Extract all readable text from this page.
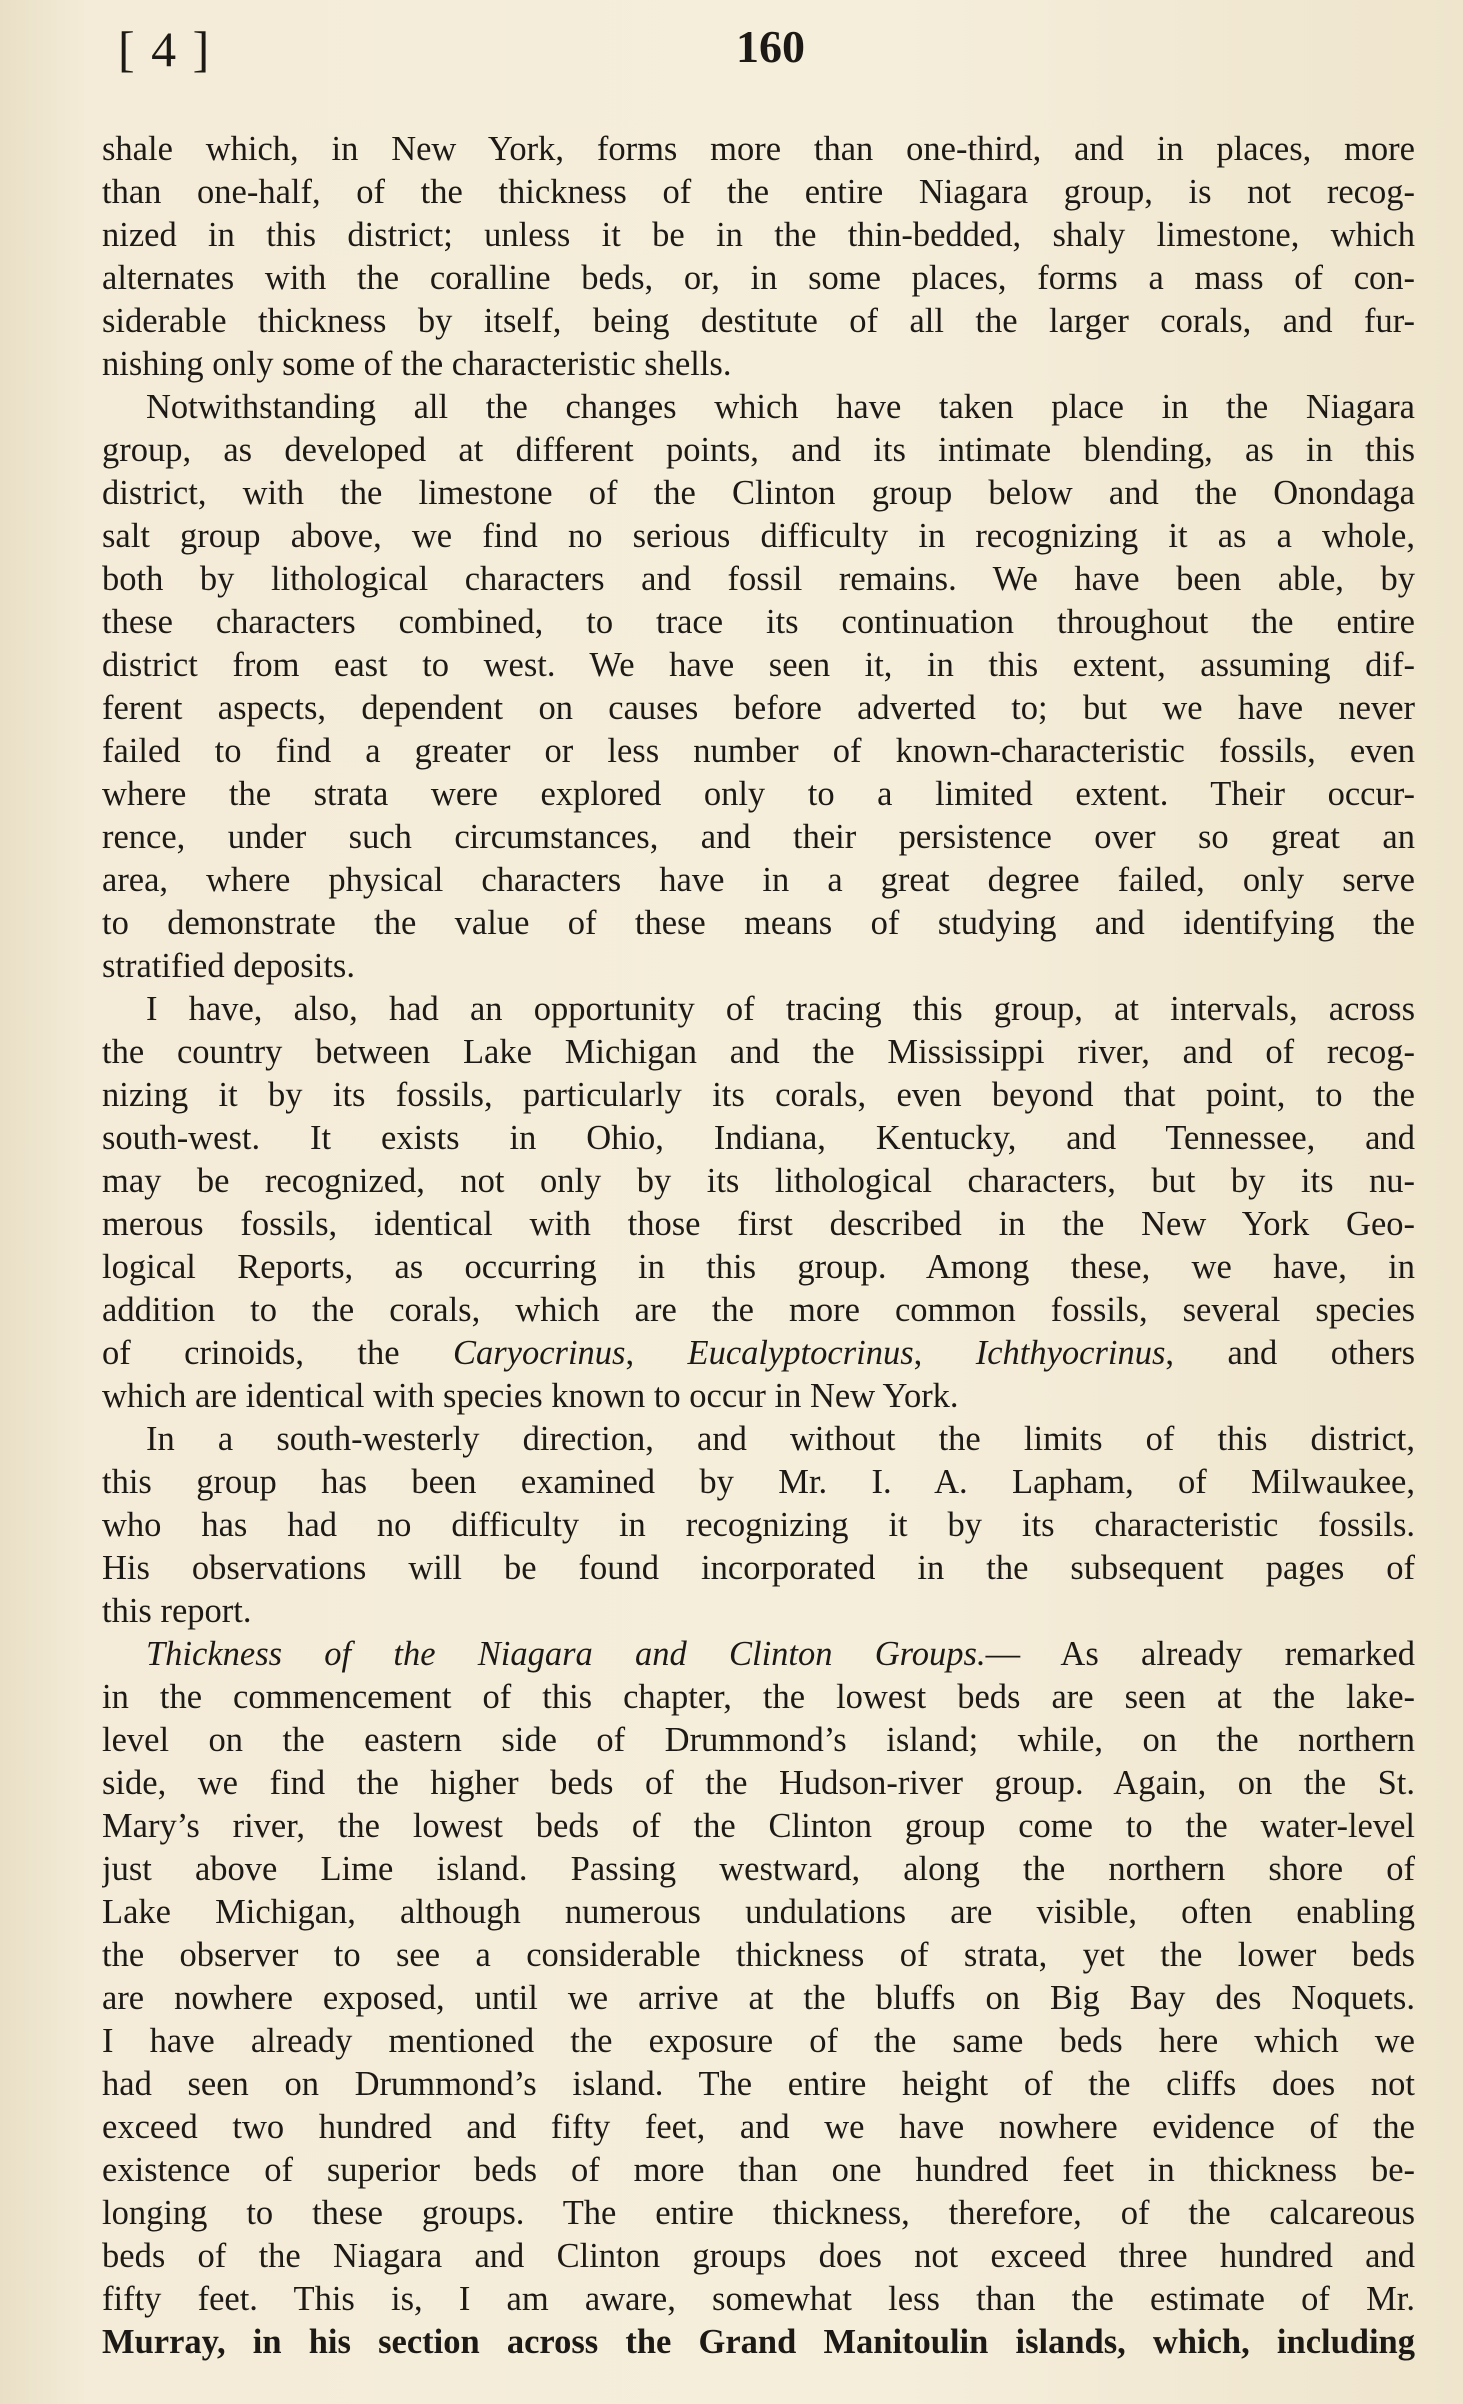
[ 4 ]	160
shale which, in New York, forms more than one-third, and in places, more
than one-half, of the thickness of the entire Niagara group, is not recog-
nized in this district; unless it be in the thin-bedded, shaly limestone, which
alternates with the coralline beds, or, in some places, forms a mass of con-
siderable thickness by itself, being destitute of all the larger corals, and fur-
nishing only some of the characteristic shells.
Notwithstanding all the changes which have taken place in the Niagara
group, as developed at different points, and its intimate blending, as in this
district, with the limestone of the Clinton group below and the Onondaga
salt group above, we find no serious difficulty in recognizing it as a whole,
both by lithological characters and fossil remains. We have been able, by
these characters combined, to trace its continuation throughout the entire
district from east to west. We have seen it, in this extent, assuming dif-
ferent aspects, dependent on causes before adverted to; but we have never
failed to find a greater or less number of known-characteristic fossils, even
where the strata were explored only to a limited extent. Their occur-
rence, under such circumstances, and their persistence over so great an
area, where physical characters have in a great degree failed, only serve
to demonstrate the value of these means of studying and identifying the
stratified deposits.
I have, also, had an opportunity of tracing this group, at intervals, across
the country between Lake Michigan and the Mississippi river, and of recog-
nizing it by its fossils, particularly its corals, even beyond that point, to the
south-west. It exists in Ohio, Indiana, Kentucky, and Tennessee, and
may be recognized, not only by its lithological characters, but by its nu-
merous fossils, identical with those first described in the New York Geo-
logical Reports, as occurring in this group. Among these, we have, in
addition to the corals, which are the more common fossils, several species
of crinoids, the Caryocrinus, Eucalyptocrinus, Ichthyocrinus, and others
which are identical with species known to occur in New York.
In a south-westerly direction, and without the limits of this district,
this group has been examined by Mr. I. A. Lapham, of Milwaukee,
who has had no difficulty in recognizing it by its characteristic fossils.
His observations will be found incorporated in the subsequent pages of
this report.
Thickness of the Niagara and Clinton Groups.— As already remarked
in the commencement of this chapter, the lowest beds are seen at the lake-
level on the eastern side of Drummond’s island; while, on the northern
side, we find the higher beds of the Hudson-river group. Again, on the St.
Mary’s river, the lowest beds of the Clinton group come to the water-level
just above Lime island. Passing westward, along the northern shore of
Lake Michigan, although numerous undulations are visible, often enabling
the observer to see a considerable thickness of strata, yet the lower beds
are nowhere exposed, until we arrive at the bluffs on Big Bay des Noquets.
I have already mentioned the exposure of the same beds here which we
had seen on Drummond’s island. The entire height of the cliffs does not
exceed two hundred and fifty feet, and we have nowhere evidence of the
existence of superior beds of more than one hundred feet in thickness be-
longing to these groups. The entire thickness, therefore, of the calcareous
beds of the Niagara and Clinton groups does not exceed three hundred and
fifty feet. This is, I am aware, somewhat less than the estimate of Mr.
Murray, in his section across the Grand Manitoulin islands, which, including
